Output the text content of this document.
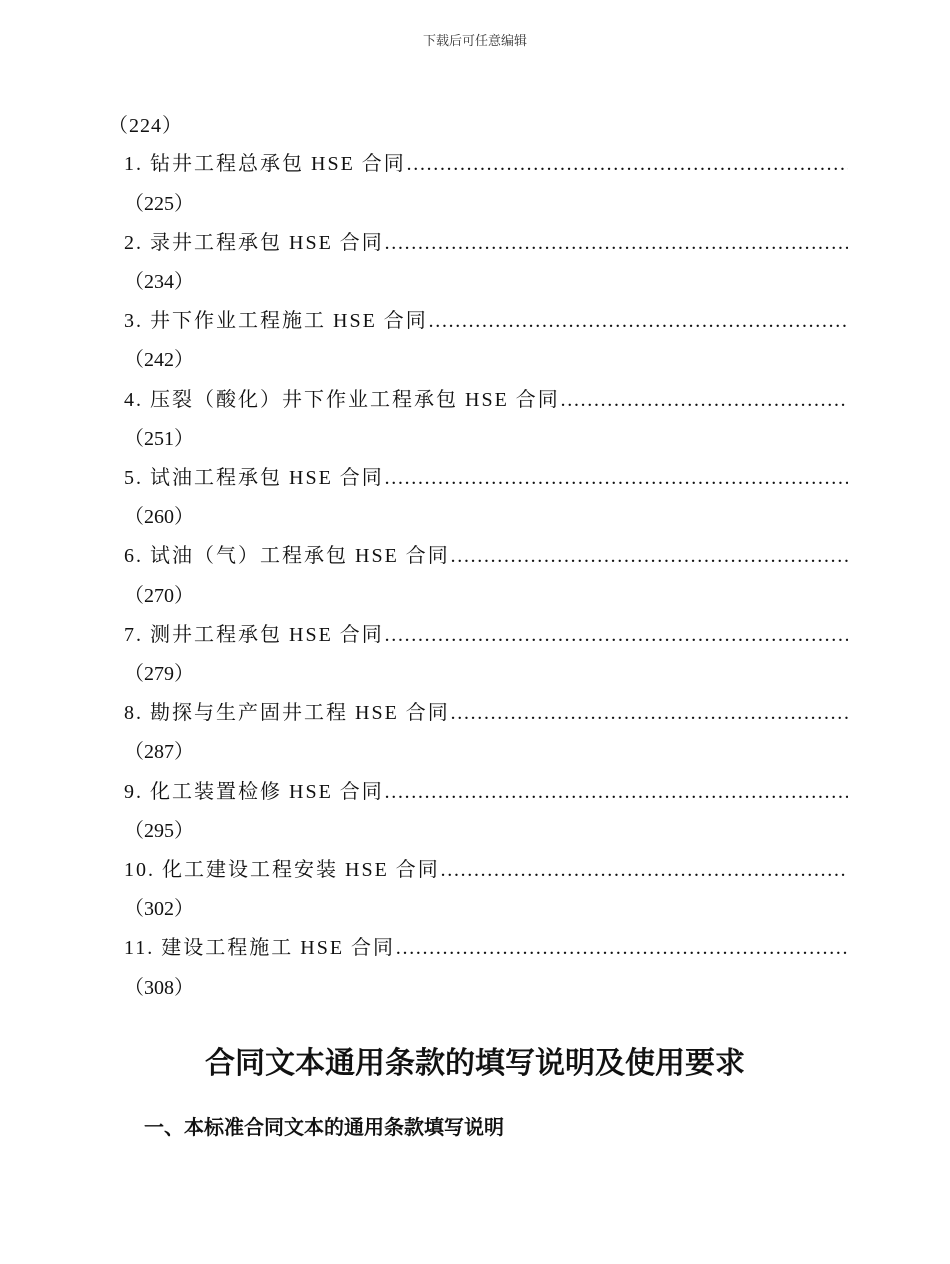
下载后可任意编辑
（224）
1. 钻井工程总承包 HSE 合同
……………………………………………………………………………………………………………………
（225）
2. 录井工程承包 HSE 合同
……………………………………………………………………………………………………………………
（234）
3. 井下作业工程施工 HSE 合同
……………………………………………………………………………………………………………………
（242）
4. 压裂（酸化）井下作业工程承包 HSE 合同
……………………………………………………………………………………………………………………
（251）
5. 试油工程承包 HSE 合同
……………………………………………………………………………………………………………………
（260）
6. 试油（气）工程承包 HSE 合同
……………………………………………………………………………………………………………………
（270）
7. 测井工程承包 HSE 合同
……………………………………………………………………………………………………………………
（279）
8. 勘探与生产固井工程 HSE 合同
……………………………………………………………………………………………………………………
（287）
9. 化工装置检修 HSE 合同
……………………………………………………………………………………………………………………
（295）
10. 化工建设工程安装 HSE 合同
……………………………………………………………………………………………………………………
（302）
11. 建设工程施工 HSE 合同
……………………………………………………………………………………………………………………
（308）
合同文本通用条款的填写说明及使用要求
一、本标准合同文本的通用条款填写说明
